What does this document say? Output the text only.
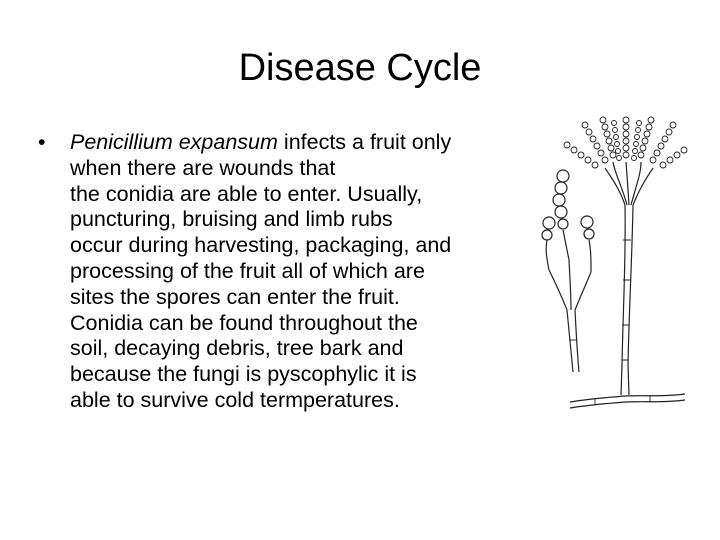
Disease Cycle
• Penicillium expansum infects a fruit only
when there are wounds that
the conidia are able to enter. Usually,
puncturing, bruising and limb rubs
occur during harvesting, packaging, and
processing of the fruit all of which are
sites the spores can enter the fruit.
Conidia can be found throughout the
soil, decaying debris, tree bark and
because the fungi is pyscophylic it is
able to survive cold termperatures.
